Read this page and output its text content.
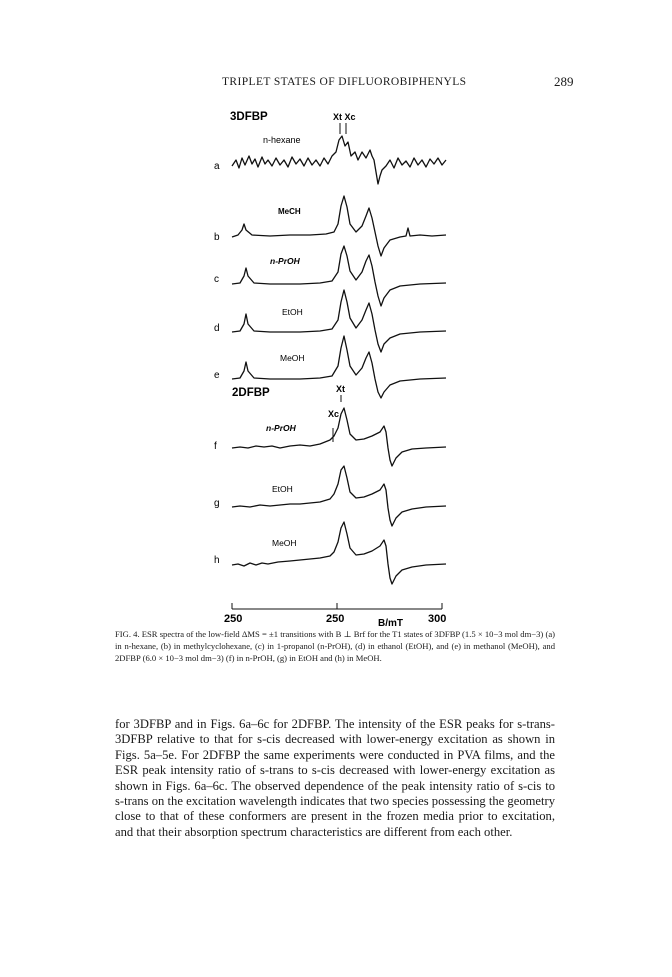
TRIPLET STATES OF DIFLUOROBIPHENYLS	289
3DFBP
2DFBP
Xt Xc
Xt
Xc
a
b
c
d
e
f
g
h
n-hexane
MeCH
n-PrOH
EtOH
MeOH
n-PrOH
EtOH
MeOH
250	250	300
B/mT
FIG. 4. ESR spectra of the low-field ΔMS = ±1 transitions with B ⊥ Brf for the T1 states of 3DFBP (1.5 × 10−3 mol dm−3) (a) in n-hexane, (b) in methylcyclohexane, (c) in 1-propanol (n-PrOH), (d) in ethanol (EtOH), and (e) in methanol (MeOH), and 2DFBP (6.0 × 10−3 mol dm−3) (f) in n-PrOH, (g) in EtOH and (h) in MeOH.

for 3DFBP and in Figs. 6a–6c for 2DFBP. The intensity of the ESR peaks for s-trans-3DFBP relative to that for s-cis decreased with lower-energy excitation as shown in Figs. 5a–5e. For 2DFBP the same experiments were conducted in PVA films, and the ESR peak intensity ratio of s-trans to s-cis decreased with lower-energy excitation as shown in Figs. 6a–6c. The observed dependence of the peak intensity ratio of s-cis to s-trans on the excitation wavelength indicates that two species possessing the geometry close to that of these conformers are present in the frozen media prior to excitation, and that their absorption spectrum characteristics are different from each other.
